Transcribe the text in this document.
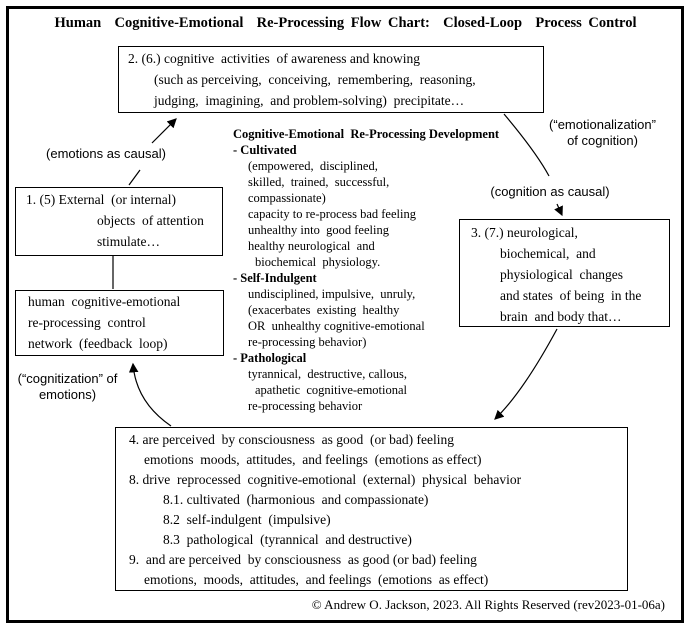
Human  Cognitive-Emotional  Re-Processing Flow Chart:  Closed-Loop  Process Control
2. (6.) cognitive  activities  of awareness and knowing
(such as perceiving,  conceiving,  remembering,  reasoning,
judging,  imagining,  and problem-solving)  precipitate…
1. (5) External  (or internal)
objects  of attention
stimulate…
human  cognitive-emotional
re-processing  control
network  (feedback  loop)
3. (7.) neurological,
biochemical,  and
physiological  changes
and states  of being  in the
brain  and body that…
4. are perceived  by consciousness  as good  (or bad) feeling
emotions  moods,  attitudes,  and feelings  (emotions as effect)
8. drive  reprocessed  cognitive-emotional  (external)  physical  behavior
8.1. cultivated  (harmonious  and compassionate)
8.2  self-indulgent  (impulsive)
8.3  pathological  (tyrannical  and destructive)
9.  and are perceived  by consciousness  as good (or bad) feeling
emotions,  moods,  attitudes,  and feelings  (emotions  as effect)
Cognitive-Emotional  Re-Processing Development
- Cultivated
(empowered,  disciplined,
skilled,  trained,  successful,
compassionate)
capacity to re-process bad feeling
unhealthy into  good feeling
healthy neurological  and
biochemical  physiology.
- Self-Indulgent
undisciplined, impulsive,  unruly,
(exacerbates  existing  healthy
OR  unhealthy cognitive-emotional
re-processing behavior)
- Pathological
tyrannical,  destructive, callous,
apathetic  cognitive-emotional
re-processing behavior
(emotions as causal)
(“emotionalization”
of cognition)
(cognition as causal)
(“cognitization” of
emotions)
© Andrew O. Jackson, 2023. All Rights Reserved (rev2023-01-06a)
